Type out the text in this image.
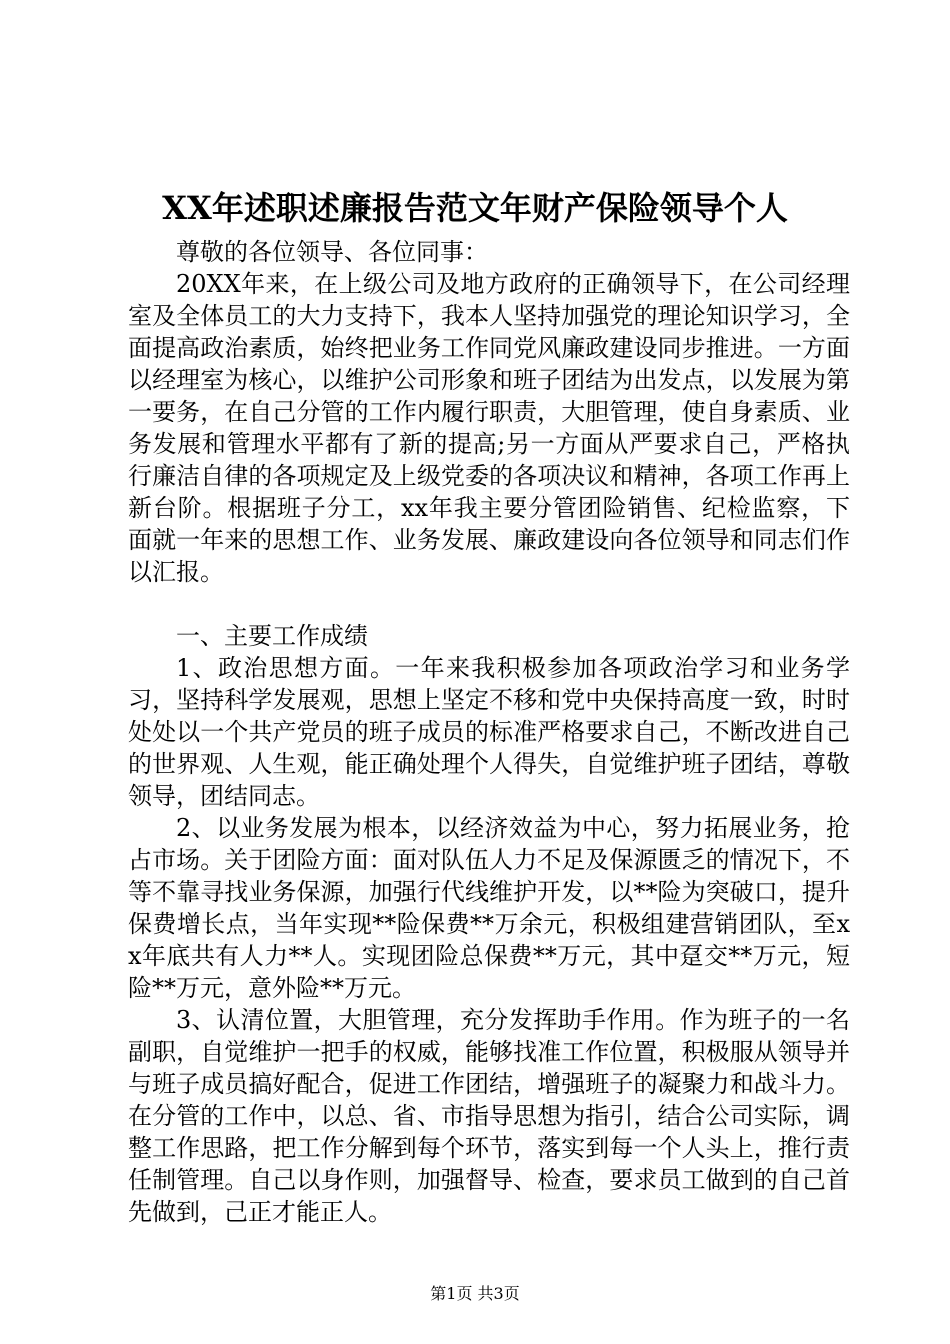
XX年述职述廉报告范文年财产保险领导个人

尊敬的各位领导、各位同事：

20XX年来，在上级公司及地方政府的正确领导下，在公司经理室及全体员工的大力支持下，我本人坚持加强党的理论知识学习，全面提高政治素质，始终把业务工作同党风廉政建设同步推进。一方面以经理室为核心，以维护公司形象和班子团结为出发点，以发展为第一要务，在自己分管的工作内履行职责，大胆管理，使自身素质、业务发展和管理水平都有了新的提高;另一方面从严要求自己，严格执行廉洁自律的各项规定及上级党委的各项决议和精神，各项工作再上新台阶。根据班子分工，xx年我主要分管团险销售、纪检监察，下面就一年来的思想工作、业务发展、廉政建设向各位领导和同志们作以汇报。

一、主要工作成绩

1、政治思想方面。一年来我积极参加各项政治学习和业务学习，坚持科学发展观，思想上坚定不移和党中央保持高度一致，时时处处以一个共产党员的班子成员的标准严格要求自己，不断改进自己的世界观、人生观，能正确处理个人得失，自觉维护班子团结，尊敬领导，团结同志。

2、以业务发展为根本，以经济效益为中心，努力拓展业务，抢占市场。关于团险方面：面对队伍人力不足及保源匮乏的情况下，不等不靠寻找业务保源，加强行代线维护开发，以**险为突破口，提升保费增长点，当年实现**险保费**万余元，积极组建营销团队，至xx年底共有人力**人。实现团险总保费**万元，其中趸交**万元，短险**万元，意外险**万元。

3、认清位置，大胆管理，充分发挥助手作用。作为班子的一名副职，自觉维护一把手的权威，能够找准工作位置，积极服从领导并与班子成员搞好配合，促进工作团结，增强班子的凝聚力和战斗力。在分管的工作中，以总、省、市指导思想为指引，结合公司实际，调整工作思路，把工作分解到每个环节，落实到每一个人头上，推行责任制管理。自己以身作则，加强督导、检查，要求员工做到的自己首先做到，己正才能正人。

第1页 共3页
